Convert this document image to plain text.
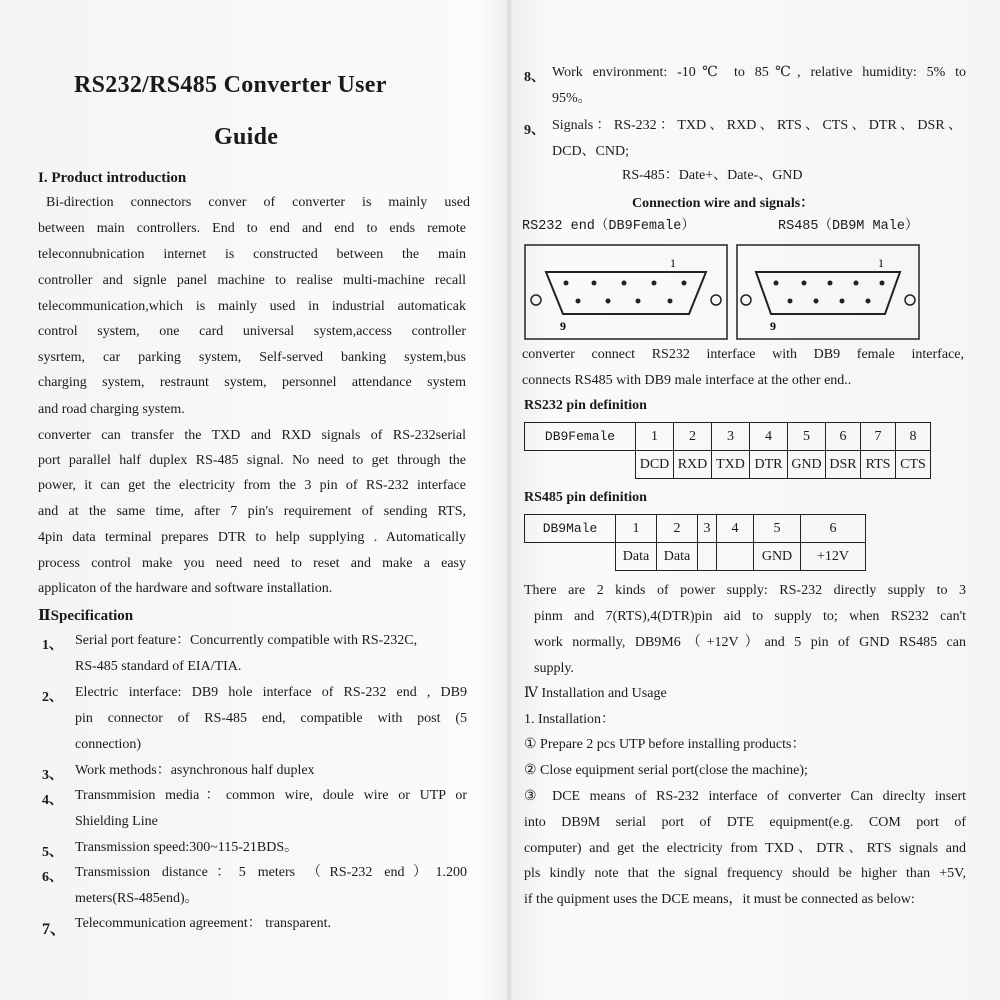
RS232/RS485 Converter User
Guide
I. Product introduction
Bi-direction connectors conver of converter is mainly used
between main controllers. End to end and end to ends remote
teleconnubnication internet is constructed between the main
controller and signle panel machine to realise multi-machine recall
telecommunication,which is mainly used in industrial automaticak
control system, one card universal system,access controller
sysrtem, car parking system, Self-served banking system,bus
charging system, restraunt system, personnel attendance system
and road charging system.
converter can transfer the TXD and RXD signals of RS-232serial
port parallel half duplex RS-485 signal. No need to get through the
power, it can get the electricity from the 3 pin of RS-232 interface
and at the same time, after 7 pin's requirement of sending RTS,
4pin data terminal prepares DTR to help supplying . Automatically
process control make you need need to reset and make a easy
applicaton of the hardware and software installation.
ⅡSpecification
1、 Serial port feature：Concurrently compatible with RS-232C,
RS-485 standard of EIA/TIA.
2、 Electric interface: DB9 hole interface of RS-232 end , DB9
pin connector of RS-485 end, compatible with post (5
connection)
3、 Work methods：asynchronous half duplex
4、 Transmmision media：common wire, doule wire or UTP or
Shielding Line
5、 Transmission speed:300~115-21BDS。
6、 Transmission distance：5 meters （RS-232 end）1.200
meters(RS-485end)。
7、 Telecommunication agreement： transparent.
8、 Work environment: -10℃ to 85℃, relative humidity: 5% to
95%。
9、 Signals：RS-232：TXD、RXD、RTS、CTS、DTR、DSR、
DCD、CND;
RS-485：Date+、Date-、GND
Connection wire and signals：
RS232 end（DB9Female）	RS485（DB9M Male）
1
9
1
9
converter connect RS232 interface with DB9 female interface,
connects RS485 with DB9 male interface at the other end..
RS232 pin definition
DB9Female	1	2	3	4	5	6	7	8
	DCD	RXD	TXD	DTR	GND	DSR	RTS	CTS
RS485 pin definition
DB9Male	1	2	3	4	5	6
	Data	Data			GND	+12V
There are 2 kinds of power supply: RS-232 directly supply to 3
pinm and 7(RTS),4(DTR)pin aid to supply to; when RS232 can't
work normally, DB9M6（+12V）and 5 pin of GND RS485 can
supply.
Ⅳ Installation and Usage
1. Installation：
① Prepare 2 pcs UTP before installing products：
② Close equipment serial port(close the machine);
③ DCE means of RS-232 interface of converter Can direclty insert
into DB9M serial port of DTE equipment(e.g. COM port of
computer) and get the electricity from TXD、DTR、RTS signals and
pls kindly note that the signal frequency should be higher than +5V,
if the quipment uses the DCE means，it must be connected as below:
